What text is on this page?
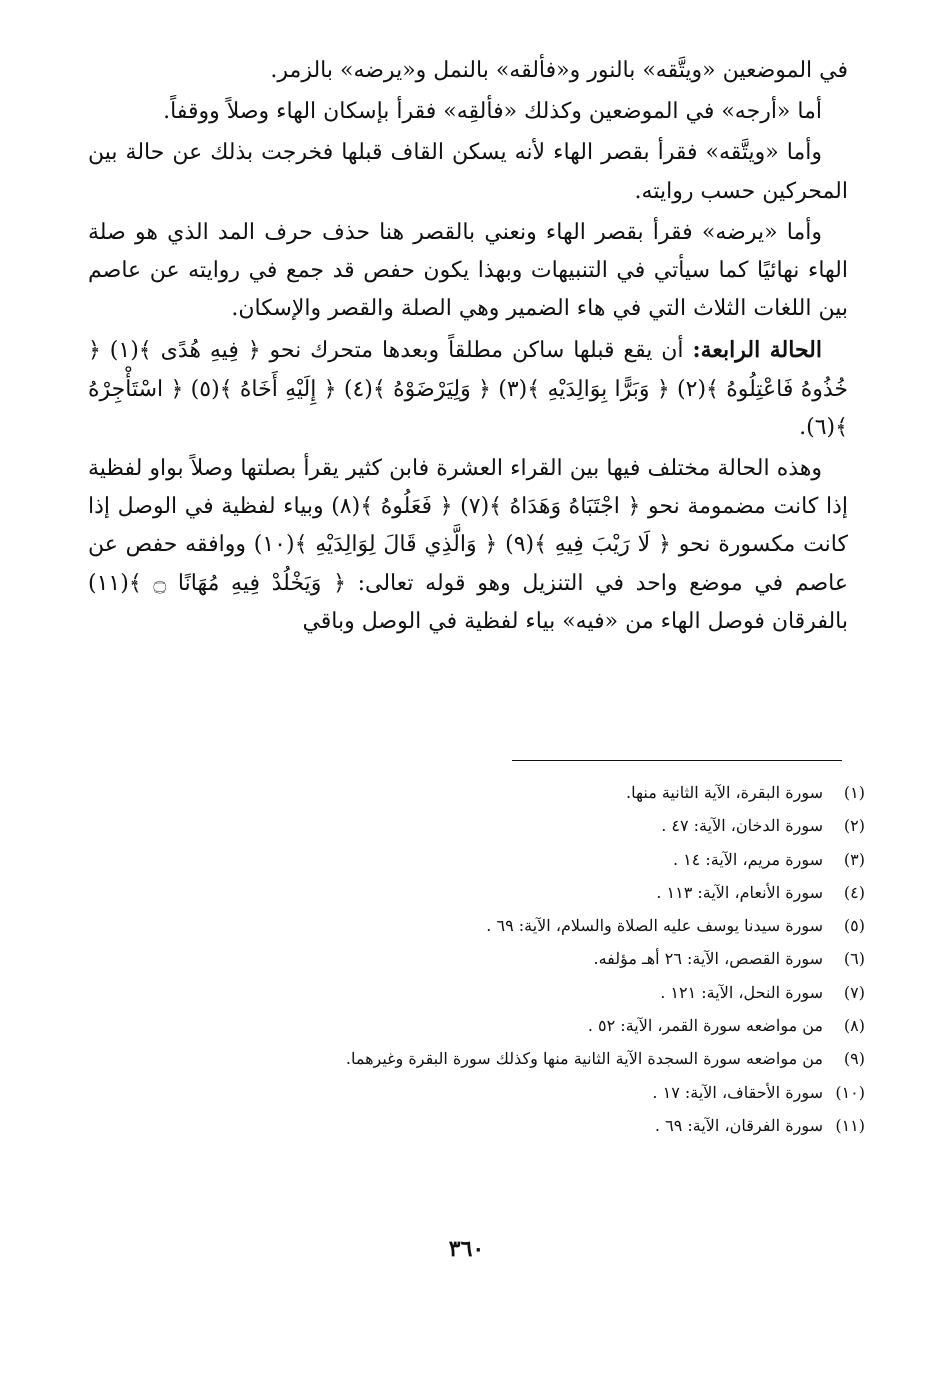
في الموضعين «ويتَّقه» بالنور و«فألقه» بالنمل و«يرضه» بالزمر.

أما «أرجه» في الموضعين وكذلك «فألقِه» فقرأ بإسكان الهاء وصلاً ووقفاً.

وأما «ويتَّقه» فقرأ بقصر الهاء لأنه يسكن القاف قبلها فخرجت بذلك عن حالة بين المحركين حسب روايته.

وأما «يرضه» فقرأ بقصر الهاء ونعني بالقصر هنا حذف حرف المد الذي هو صلة الهاء نهائيًا كما سيأتي في التنبيهات وبهذا يكون حفص قد جمع في روايته عن عاصم بين اللغات الثلاث التي في هاء الضمير وهي الصلة والقصر والإسكان.

الحالة الرابعة: أن يقع قبلها ساكن مطلقاً وبعدها متحرك نحو ﴿ فِيهِ هُدًى ﴾(١) ﴿ خُذُوهُ فَاعْتِلُوهُ ﴾(٢) ﴿ وَبَرًّا بِوَالِدَيْهِ ﴾(٣) ﴿ وَلِيَرْضَوْهُ ﴾(٤) ﴿ إِلَيْهِ أَخَاهُ ﴾(٥) ﴿ اسْتَأْجِرْهُ ﴾(٦).

وهذه الحالة مختلف فيها بين القراء العشرة فابن كثير يقرأ بصلتها وصلاً بواو لفظية إذا كانت مضمومة نحو ﴿ اجْتَبَاهُ وَهَدَاهُ ﴾(٧) ﴿ فَعَلُوهُ ﴾(٨) وبياء لفظية في الوصل إذا كانت مكسورة نحو ﴿ لَا رَيْبَ فِيهِ ﴾(٩) ﴿ وَالَّذِي قَالَ لِوَالِدَيْهِ ﴾(١٠) ووافقه حفص عن عاصم في موضع واحد في التنزيل وهو قوله تعالى: ﴿ وَيَخْلُدْ فِيهِ مُهَانًا ۝ ﴾(١١) بالفرقان فوصل الهاء من «فيه» بياء لفظية في الوصل وباقي

(١)
سورة البقرة، الآية الثانية منها.
(٢)
سورة الدخان، الآية: ٤٧ .
(٣)
سورة مريم، الآية: ١٤ .
(٤)
سورة الأنعام، الآية: ١١٣ .
(٥)
سورة سيدنا يوسف عليه الصلاة والسلام، الآية: ٦٩ .
(٦)
سورة القصص، الآية: ٢٦ أهـ مؤلفه.
(٧)
سورة النحل، الآية: ١٢١ .
(٨)
من مواضعه سورة القمر، الآية: ٥٢ .
(٩)
من مواضعه سورة السجدة الآية الثانية منها وكذلك سورة البقرة وغيرهما.
(١٠)
سورة الأحقاف، الآية: ١٧ .
(١١)
سورة الفرقان، الآية: ٦٩ .
٣٦٠
